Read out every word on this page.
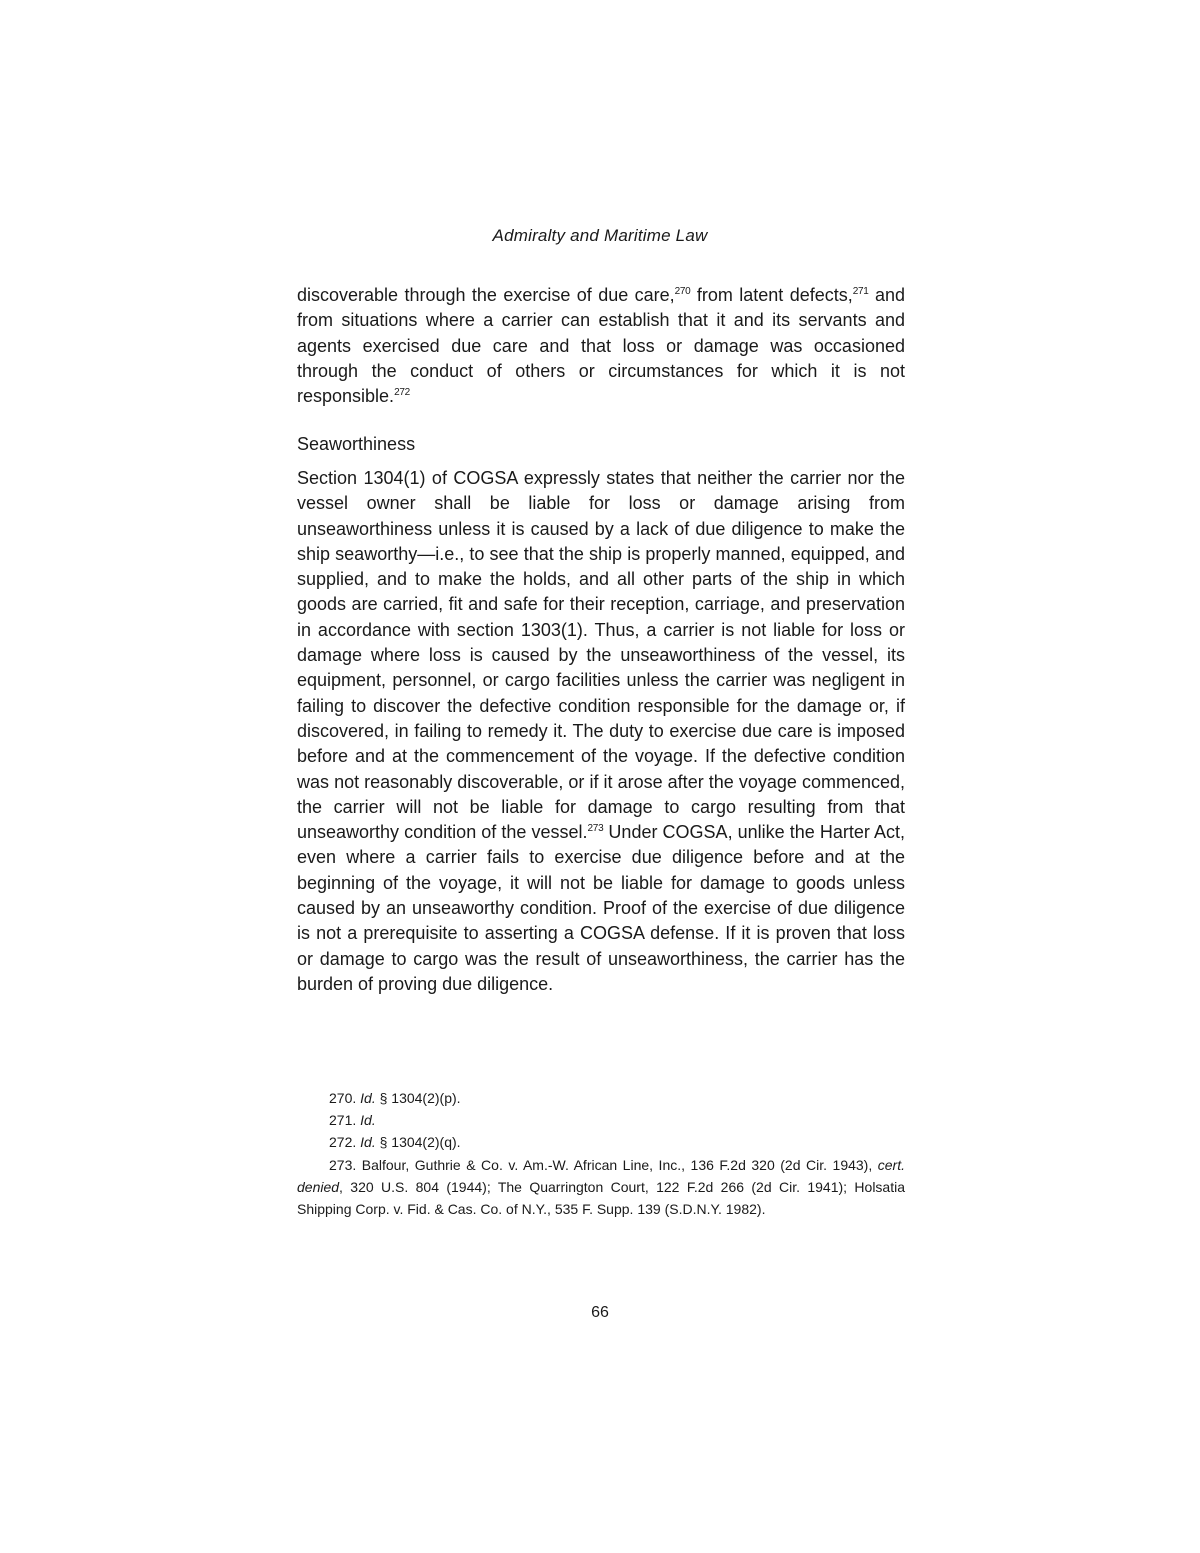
Admiralty and Maritime Law

discoverable through the exercise of due care,$^{270}$ from latent defects,$^{271}$ and from situations where a carrier can establish that it and its servants and agents exercised due care and that loss or damage was occasioned through the conduct of others or circumstances for which it is not responsible.$^{272}$

Seaworthiness

Section 1304(1) of COGSA expressly states that neither the carrier nor the vessel owner shall be liable for loss or damage arising from unseaworthiness unless it is caused by a lack of due diligence to make the ship seaworthy—i.e., to see that the ship is properly manned, equipped, and supplied, and to make the holds, and all other parts of the ship in which goods are carried, fit and safe for their reception, carriage, and preservation in accordance with section 1303(1). Thus, a carrier is not liable for loss or damage where loss is caused by the unseaworthiness of the vessel, its equipment, personnel, or cargo facilities unless the carrier was negligent in failing to discover the defective condition responsible for the damage or, if discovered, in failing to remedy it. The duty to exercise due care is imposed before and at the commencement of the voyage. If the defective condition was not reasonably discoverable, or if it arose after the voyage commenced, the carrier will not be liable for damage to cargo resulting from that unseaworthy condition of the vessel.$^{273}$ Under COGSA, unlike the Harter Act, even where a carrier fails to exercise due diligence before and at the beginning of the voyage, it will not be liable for damage to goods unless caused by an unseaworthy condition. Proof of the exercise of due diligence is not a prerequisite to asserting a COGSA defense. If it is proven that loss or damage to cargo was the result of unseaworthiness, the carrier has the burden of proving due diligence.

270. Id. § 1304(2)(p).

271. Id.

272. Id. § 1304(2)(q).

273. Balfour, Guthrie & Co. v. Am.-W. African Line, Inc., 136 F.2d 320 (2d Cir. 1943), cert. denied, 320 U.S. 804 (1944); The Quarrington Court, 122 F.2d 266 (2d Cir. 1941); Holsatia Shipping Corp. v. Fid. & Cas. Co. of N.Y., 535 F. Supp. 139 (S.D.N.Y. 1982).

66
